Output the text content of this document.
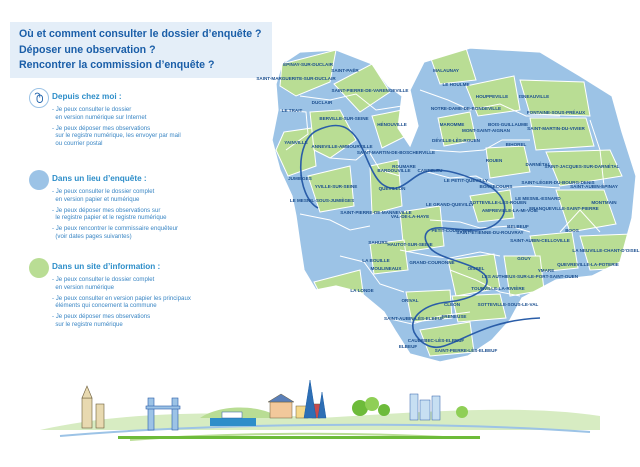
Où et comment consulter le dossier d’enquête ?
Déposer une observation ?
Rencontrer la commission d’enquête ?
Depuis chez moi :
- Je peux consulter le dossier
en version numérique sur Internet
- Je peux déposer mes observations
sur le registre numérique, les envoyer par mail
ou courrier postal
Dans un lieu d’enquête :
- Je peux consulter le dossier complet
en version papier et numérique
- Je peux déposer mes observations sur
le registre papier et le registre numérique
- Je peux rencontrer le commissaire enquêteur
(voir dates pages suivantes)
Dans un site d’information :
- Je peux consulter le dossier complet
en version numérique
- Je peux consulter en version papier les principaux
éléments qui concernent la commune
- Je peux déposer mes observations
sur le registre numérique
ÉPINAY-SUR-DUCLAIR
SAINT-PAËR
SAINT-MARGUERITE-SUR-DUCLAIR
SAINT-PIERRE-DE-VARENGEVILLE
DUCLAIR
LE TRAIT
BERVILLE-SUR-SEINE
HÉNOUVILLE
YAINVILLE
ANNEVILLE-AMBOURVILLE
SAINT-MARTIN-DE-BOSCHERVILLE
JUMIÈGES
YVILLE-SUR-SEINE
LE MESNIL-SOUS-JUMIÈGES
BARDOUVILLE
QUEVILLON
MALAUNAY
LE HOULME
HOUPPEVILLE ISNEAUVILLE
NOTRE-DAME-DE-BONDEVILLE
FONTAINE-SOUS-PRÉAUX
MAROMME
MONT-SAINT-AIGNAN
BOIS-GUILLAUME
SAINT-MARTIN-DU-VIVIER
DÉVILLE-LÈS-ROUEN
BIHOREL
ROUEN
DARNÉTAL
CANTELEU
ROUMARE	SAINT-JACQUES-SUR-DARNÉTAL
LE PETIT-QUEVILLY
BONSECOURS
SAINT-LÉGER-DU-BOURG-DENIS
SAINT-AUBIN-ÉPINAY
LE GRAND-QUEVILLY
SOTTEVILLE-LÈS-ROUEN
AMFREVILLE-LA-MI-VOIE
LE MESNIL-ESNARD
FRANQUEVILLE-SAINT-PIERRE
MONTMAIN
SAINT-PIERRE-DE-MANNEVILLE
VAL-DE-LA-HAYE
PETIT-COURONNE
SAINT-ÉTIENNE-DU-ROUVRAY
BELBEUF
SAINT-AUBIN-CELLOVILLE
BOOS
SAHURS HAUTOT-SUR-SEINE
GOUY
LA NEUVILLE-CHANT-D’OISEL
LA BOUILLE	GRAND-COURONNE
OISSEL
QUEVREVILLE-LA-POTERIE
MOULINEAUX
LES AUTHIEUX-SUR-LE-PORT-SAINT-OUEN
YMARE
TOURVILLE-LA-RIVIÈRE
LA LONDE
ORIVAL
CLÉON	SOTTEVILLE-SOUS-LE-VAL
FRENEUSE
SAINT-AUBIN-LÈS-ELBEUF
CAUDEBEC-LÈS-ELBEUF
ELBEUF
SAINT-PIERRE-LÈS-ELBEUF
